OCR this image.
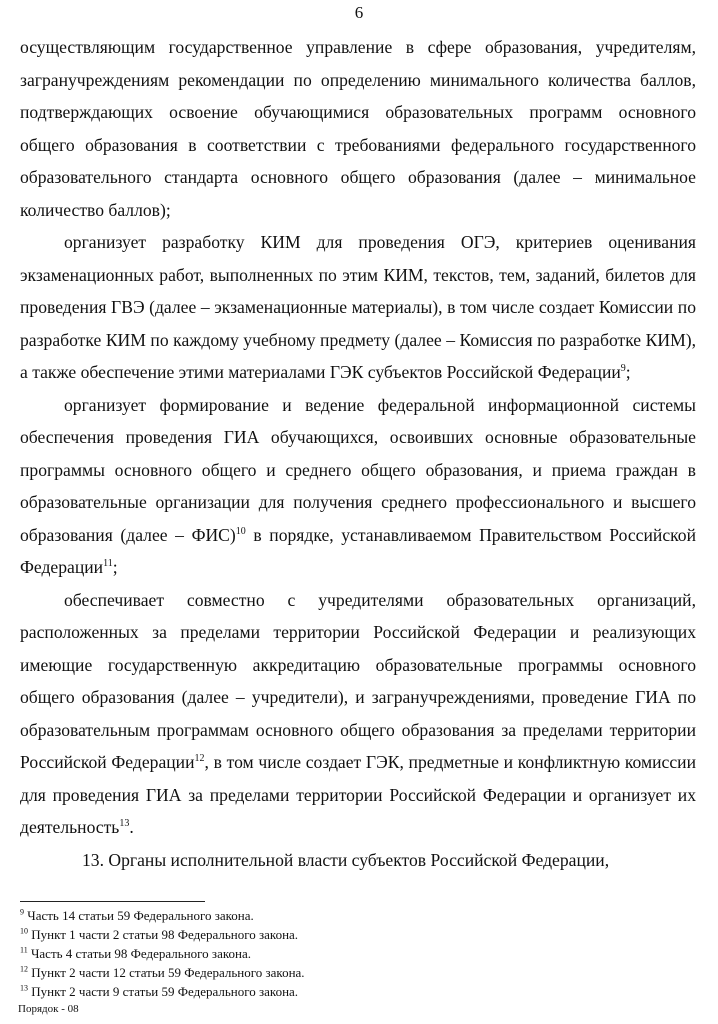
6

осуществляющим государственное управление в сфере образования, учредителям, загранучреждениям рекомендации по определению минимального количества баллов, подтверждающих освоение обучающимися образовательных программ основного общего образования в соответствии с требованиями федерального государственного образовательного стандарта основного общего образования (далее – минимальное количество баллов);

организует разработку КИМ для проведения ОГЭ, критериев оценивания экзаменационных работ, выполненных по этим КИМ, текстов, тем, заданий, билетов для проведения ГВЭ (далее – экзаменационные материалы), в том числе создает Комиссии по разработке КИМ по каждому учебному предмету (далее – Комиссия по разработке КИМ), а также обеспечение этими материалами ГЭК субъектов Российской Федерации$^9$;

организует формирование и ведение федеральной информационной системы обеспечения проведения ГИА обучающихся, освоивших основные образовательные программы основного общего и среднего общего образования, и приема граждан в образовательные организации для получения среднего профессионального и высшего образования (далее – ФИС)$^{10}$ в порядке, устанавливаемом Правительством Российской Федерации$^{11}$;

обеспечивает совместно с учредителями образовательных организаций, расположенных за пределами территории Российской Федерации и реализующих имеющие государственную аккредитацию образовательные программы основного общего образования (далее – учредители), и загранучреждениями, проведение ГИА по образовательным программам основного общего образования за пределами территории Российской Федерации$^{12}$, в том числе создает ГЭК, предметные и конфликтную комиссии для проведения ГИА за пределами территории Российской Федерации и организует их деятельность$^{13}$.

13. Органы исполнительной власти субъектов Российской Федерации,

$^9$ Часть 14 статьи 59 Федерального закона.
$^{10}$ Пункт 1 части 2 статьи 98 Федерального закона.
$^{11}$ Часть 4 статьи 98 Федерального закона.
$^{12}$ Пункт 2 части 12 статьи 59 Федерального закона.
$^{13}$ Пункт 2 части 9 статьи 59 Федерального закона.
Порядок - 08
